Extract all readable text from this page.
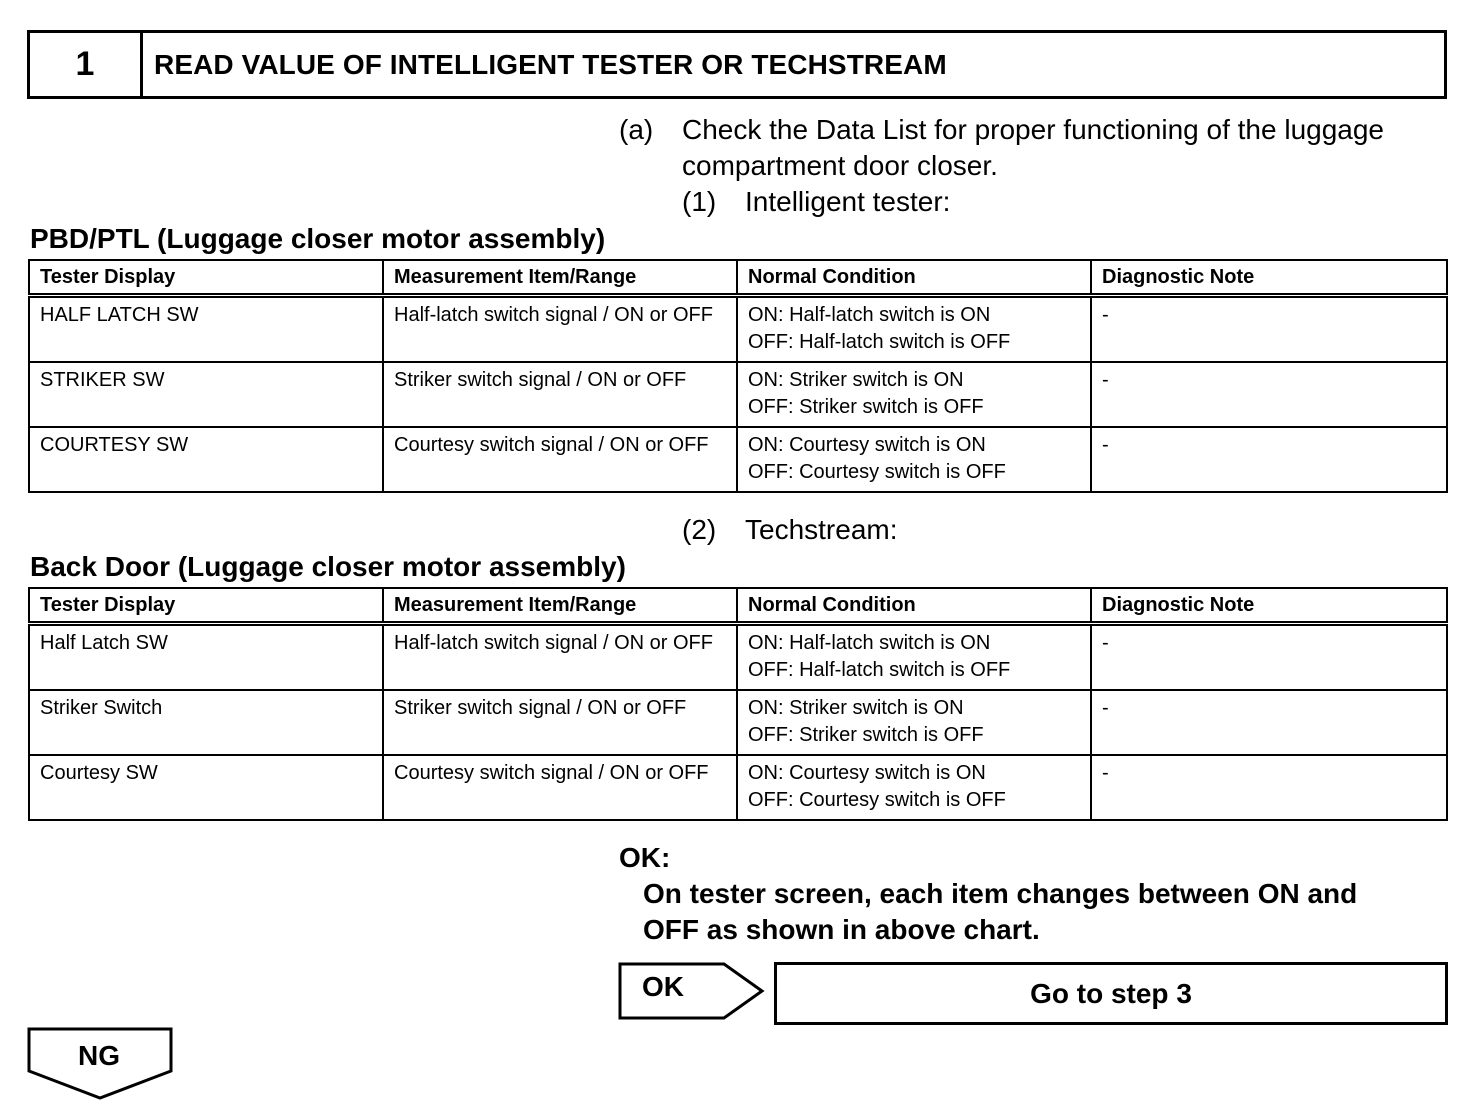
1	READ VALUE OF INTELLIGENT TESTER OR TECHSTREAM
(a) Check the Data List for proper functioning of the luggage
compartment door closer.
(1) Intelligent tester:
PBD/PTL (Luggage closer motor assembly)
Tester Display	Measurement Item/Range	Normal Condition	Diagnostic Note
HALF LATCH SW	Half-latch switch signal / ON or OFF	ON: Half-latch switch is ON
OFF: Half-latch switch is OFF	-
STRIKER SW	Striker switch signal / ON or OFF	ON: Striker switch is ON
OFF: Striker switch is OFF	-
COURTESY SW	Courtesy switch signal / ON or OFF	ON: Courtesy switch is ON
OFF: Courtesy switch is OFF	-
(2) Techstream:
Back Door (Luggage closer motor assembly)
Tester Display	Measurement Item/Range	Normal Condition	Diagnostic Note
Half Latch SW	Half-latch switch signal / ON or OFF	ON: Half-latch switch is ON
OFF: Half-latch switch is OFF	-
Striker Switch	Striker switch signal / ON or OFF	ON: Striker switch is ON
OFF: Striker switch is OFF	-
Courtesy SW	Courtesy switch signal / ON or OFF	ON: Courtesy switch is ON
OFF: Courtesy switch is OFF	-
OK:
On tester screen, each item changes between ON and
OFF as shown in above chart.
OK	Go to step 3
NG
